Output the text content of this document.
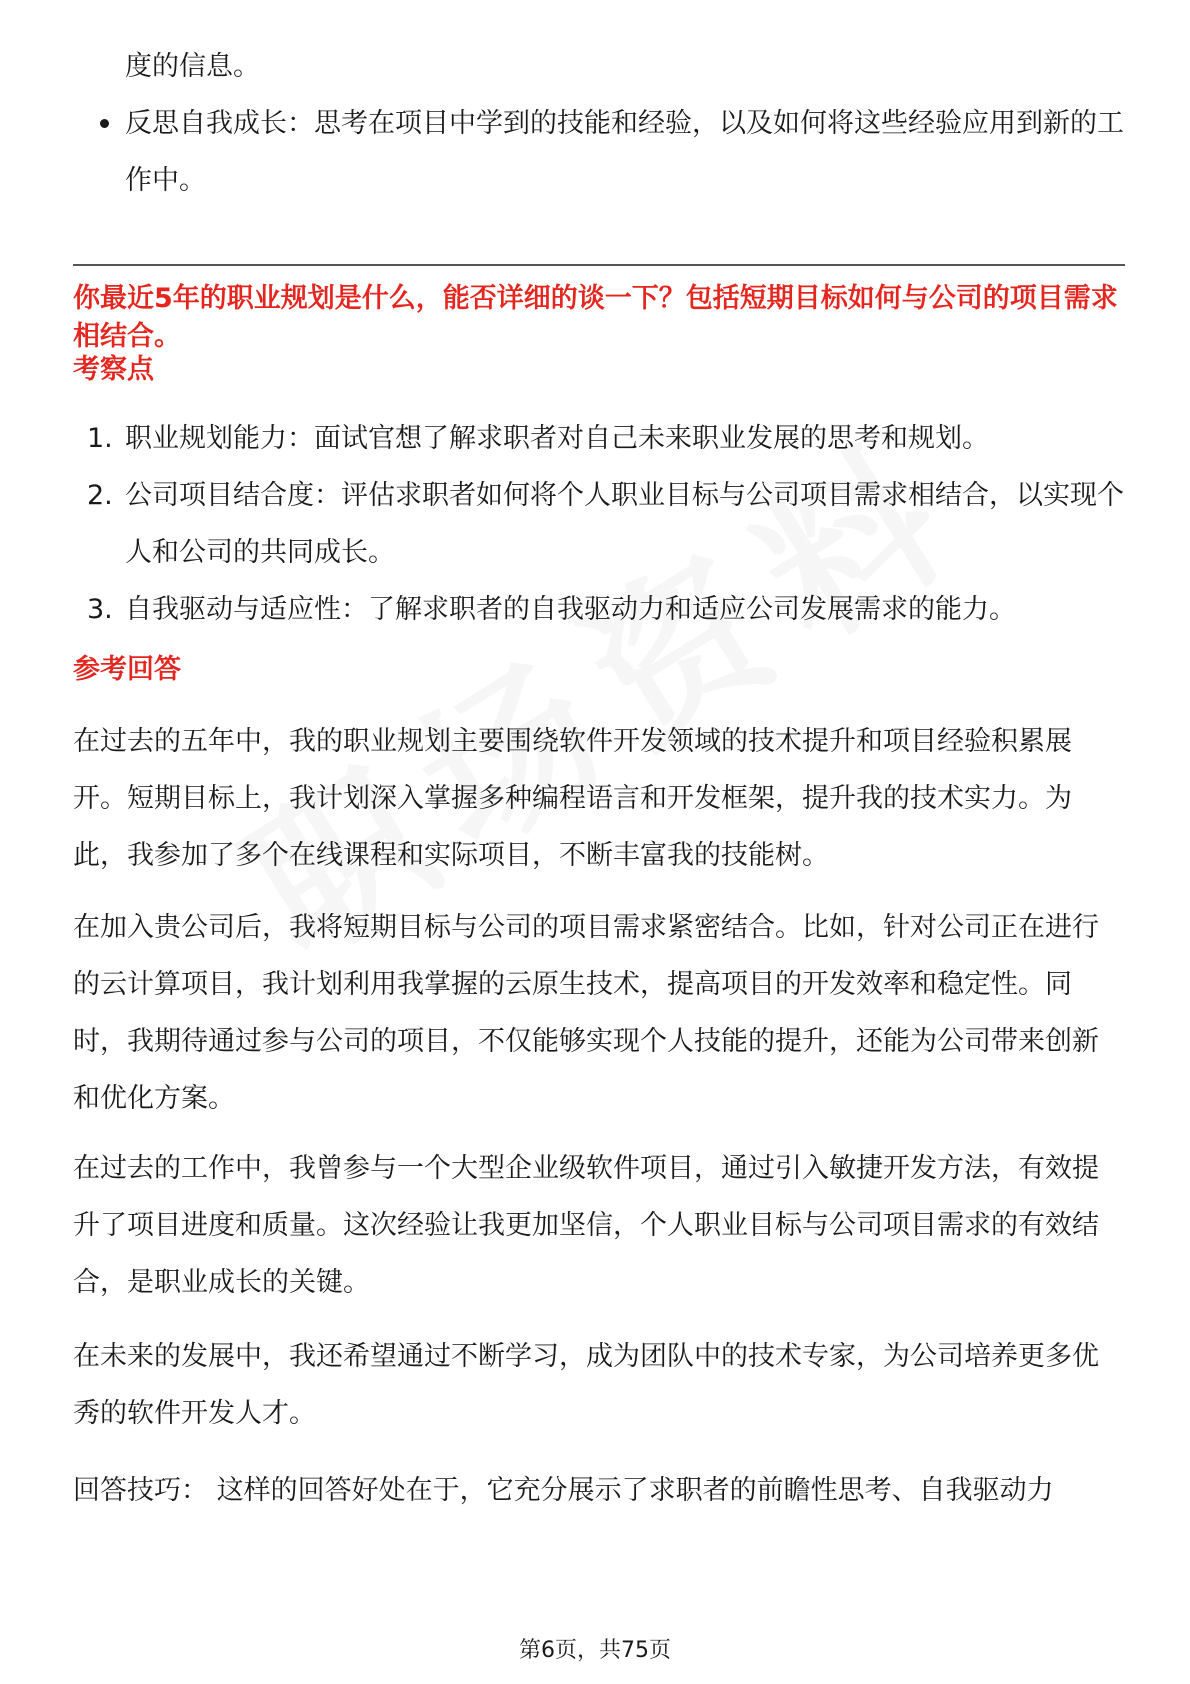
度的信息。
反思自我成长：思考在项目中学到的技能和经验，以及如何将这些经验应用到新的工作中。
你最近5年的职业规划是什么，能否详细的谈一下？包括短期目标如何与公司的项目需求相结合。
考察点
1. 职业规划能力：面试官想了解求职者对自己未来职业发展的思考和规划。
2. 公司项目结合度：评估求职者如何将个人职业目标与公司项目需求相结合，以实现个人和公司的共同成长。
3. 自我驱动与适应性：了解求职者的自我驱动力和适应公司发展需求的能力。
参考回答

在过去的五年中，我的职业规划主要围绕软件开发领域的技术提升和项目经验积累展开。短期目标上，我计划深入掌握多种编程语言和开发框架，提升我的技术实力。为此，我参加了多个在线课程和实际项目，不断丰富我的技能树。

在加入贵公司后，我将短期目标与公司的项目需求紧密结合。比如，针对公司正在进行的云计算项目，我计划利用我掌握的云原生技术，提高项目的开发效率和稳定性。同时，我期待通过参与公司的项目，不仅能够实现个人技能的提升，还能为公司带来创新和优化方案。

在过去的工作中，我曾参与一个大型企业级软件项目，通过引入敏捷开发方法，有效提升了项目进度和质量。这次经验让我更加坚信，个人职业目标与公司项目需求的有效结合，是职业成长的关键。

在未来的发展中，我还希望通过不断学习，成为团队中的技术专家，为公司培养更多优秀的软件开发人才。

回答技巧： 这样的回答好处在于，它充分展示了求职者的前瞻性思考、自我驱动力

第6页，共75页
